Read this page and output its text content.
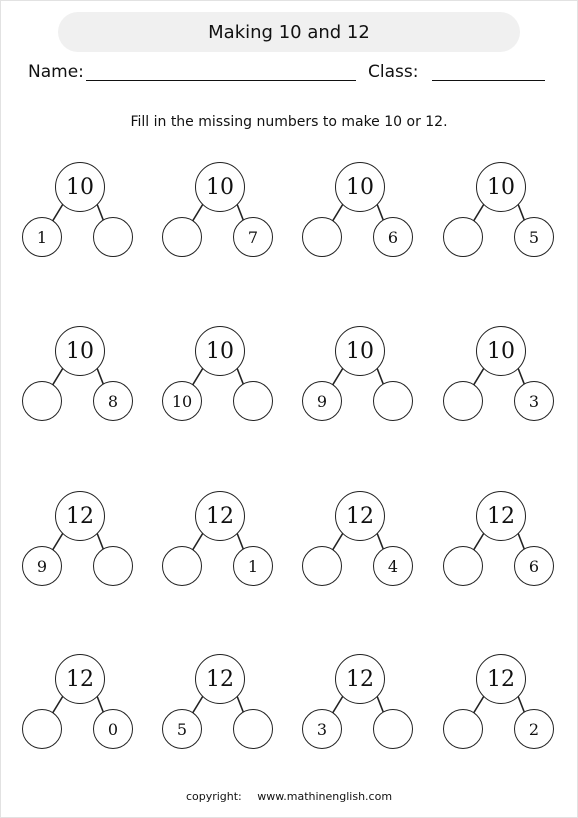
Making 10 and 12
Name:	Class:
Fill in the missing numbers to make 10 or 12.
10
1
10
7
10
6
10
5
10
8
10
10
10
9
10
3
12
9
12
1
12
4
12
6
12
0
12
5
12
3
12
2
copyright: www.mathinenglish.com
